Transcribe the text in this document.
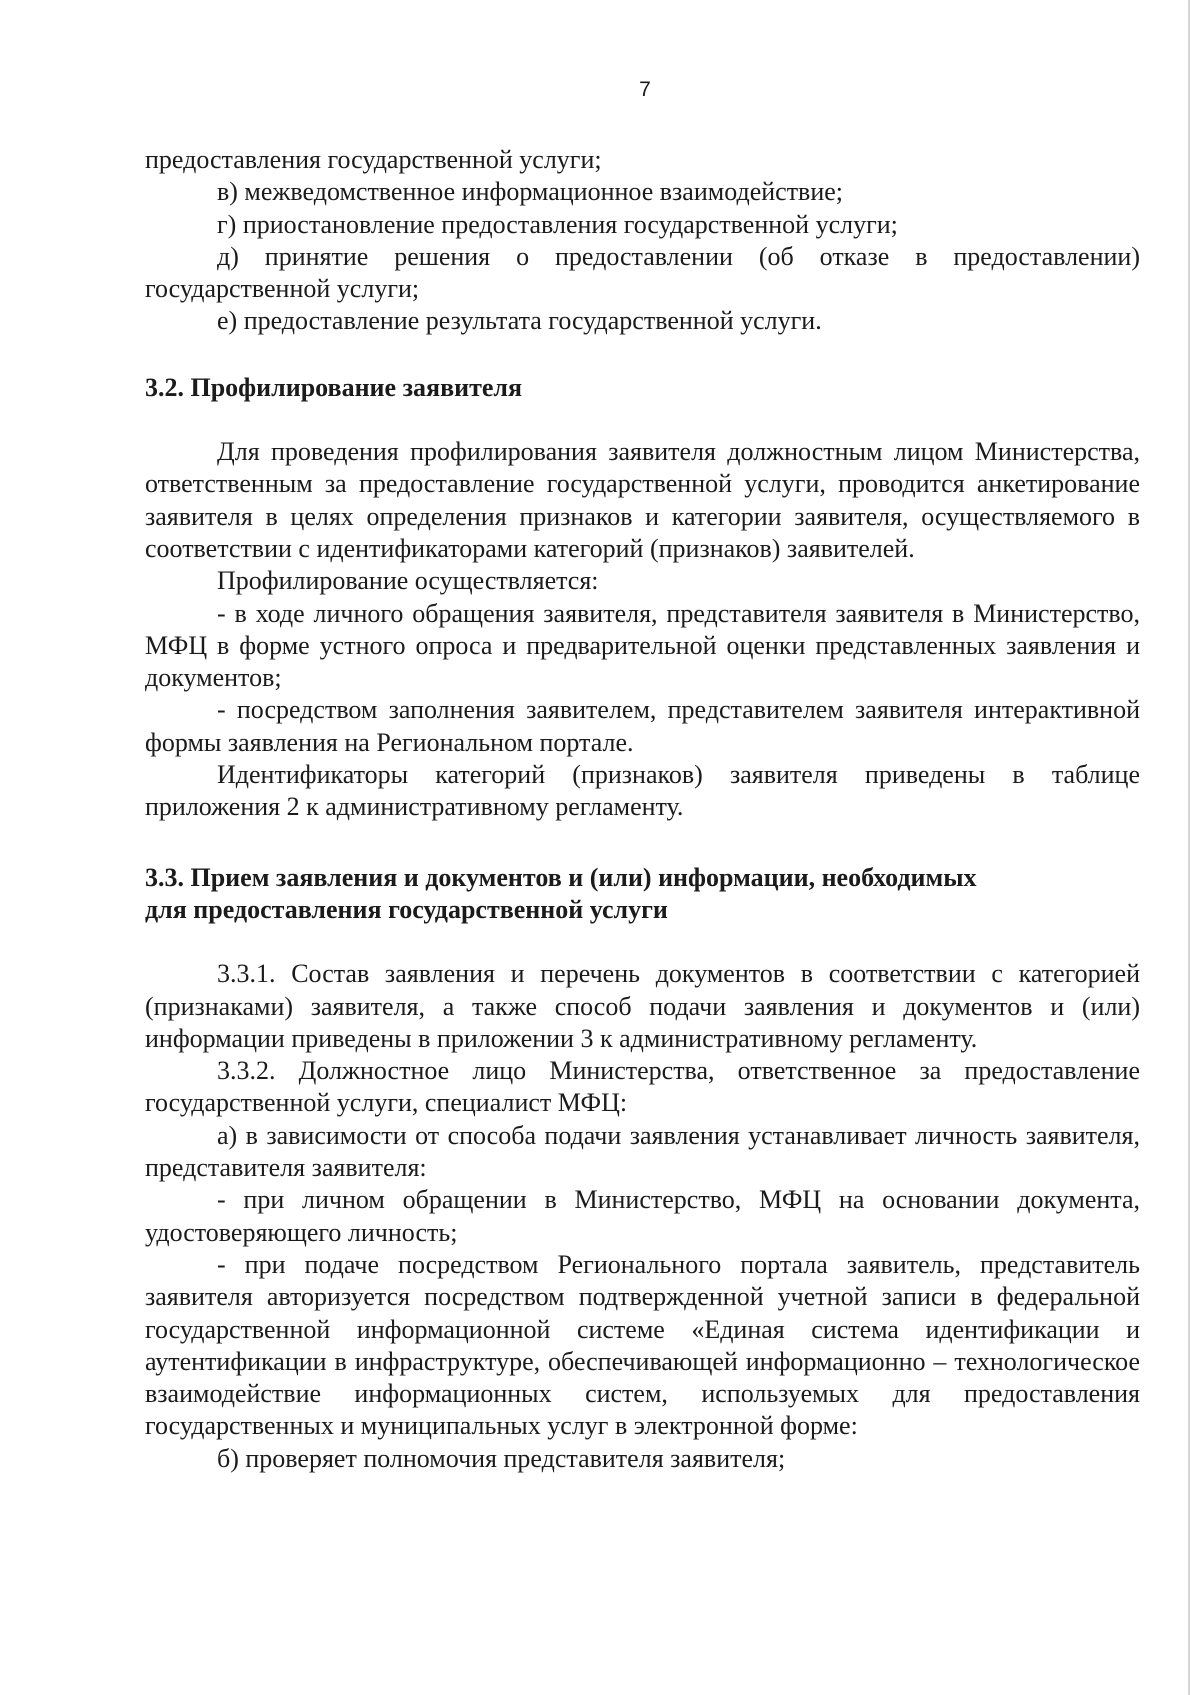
7

предоставления государственной услуги;

в) межведомственное информационное взаимодействие;

г) приостановление предоставления государственной услуги;

д) принятие решения о предоставлении (об отказе в предоставлении) государственной услуги;

е) предоставление результата государственной услуги.

3.2. Профилирование заявителя

Для проведения профилирования заявителя должностным лицом Министерства, ответственным за предоставление государственной услуги, проводится анкетирование заявителя в целях определения признаков и категории заявителя, осуществляемого в соответствии с идентификаторами категорий (признаков) заявителей.

Профилирование осуществляется:

- в ходе личного обращения заявителя, представителя заявителя в Министерство, МФЦ в форме устного опроса и предварительной оценки представленных заявления и документов;

- посредством заполнения заявителем, представителем заявителя интерактивной формы заявления на Региональном портале.

Идентификаторы категорий (признаков) заявителя приведены в таблице приложения 2 к административному регламенту.

3.3. Прием заявления и документов и (или) информации, необходимых

для предоставления государственной услуги

3.3.1. Состав заявления и перечень документов в соответствии с категорией (признаками) заявителя, а также способ подачи заявления и документов и (или) информации приведены в приложении 3 к административному регламенту.

3.3.2. Должностное лицо Министерства, ответственное за предоставление государственной услуги, специалист МФЦ:

а) в зависимости от способа подачи заявления устанавливает личность заявителя, представителя заявителя:

- при личном обращении в Министерство, МФЦ на основании документа, удостоверяющего личность;

- при подаче посредством Регионального портала заявитель, представитель заявителя авторизуется посредством подтвержденной учетной записи в федеральной государственной информационной системе «Единая система идентификации и аутентификации в инфраструктуре, обеспечивающей информационно – технологическое взаимодействие информационных систем, используемых для предоставления государственных и муниципальных услуг в электронной форме:

б) проверяет полномочия представителя заявителя;
